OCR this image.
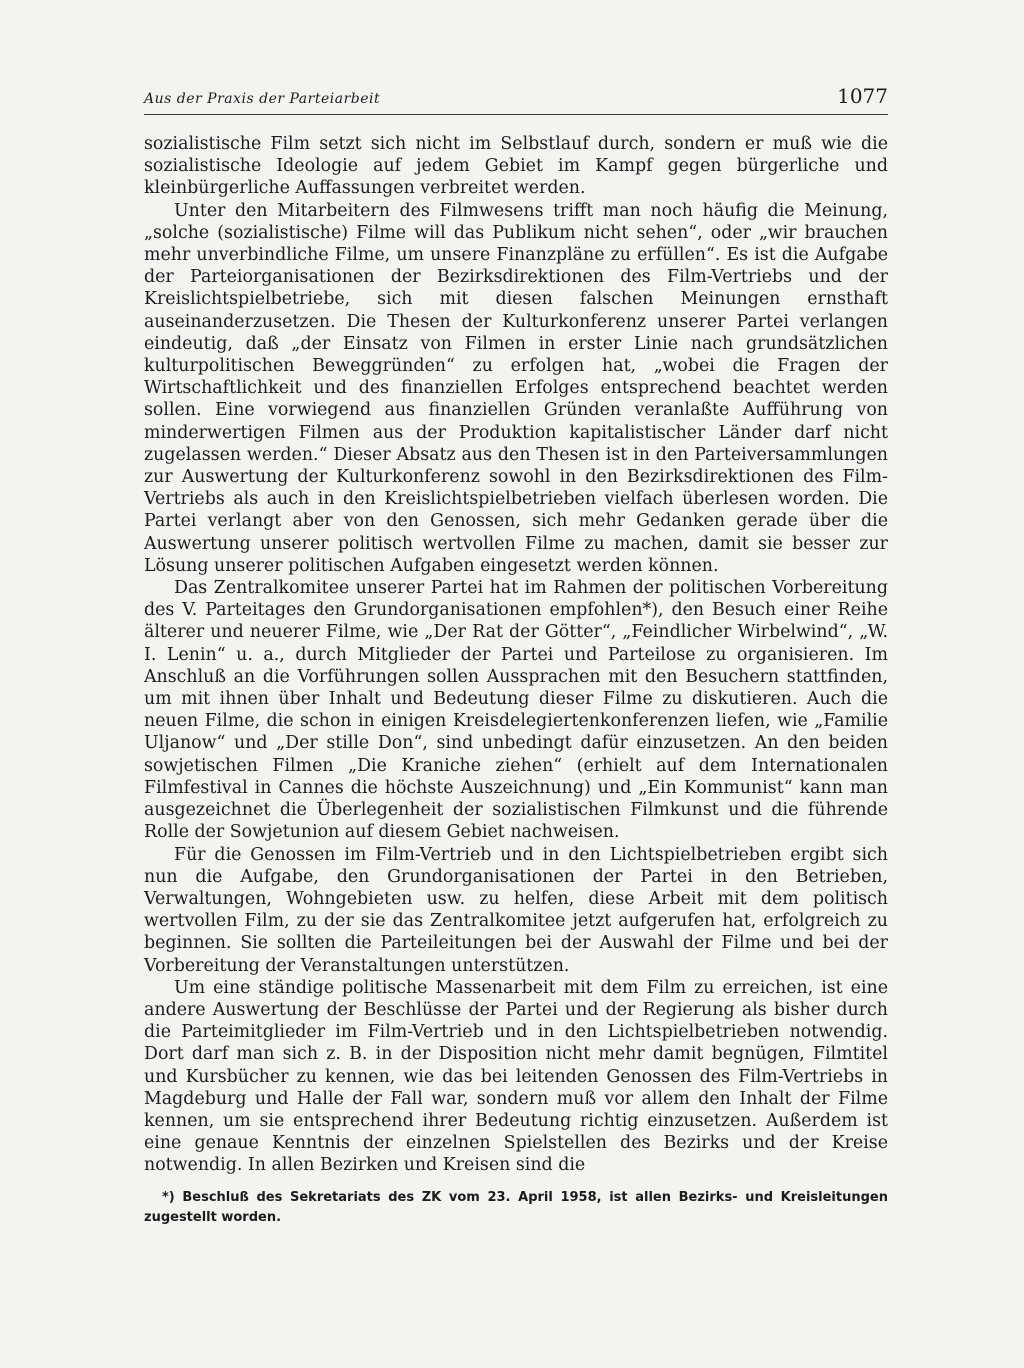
Aus der Praxis der Parteiarbeit	1077

sozialistische Film setzt sich nicht im Selbstlauf durch, sondern er muß wie die sozialistische Ideologie auf jedem Gebiet im Kampf gegen bürgerliche und kleinbürgerliche Auffassungen verbreitet werden.

Unter den Mitarbeitern des Filmwesens trifft man noch häufig die Meinung, „solche (sozialistische) Filme will das Publikum nicht sehen“, oder „wir brauchen mehr unverbindliche Filme, um unsere Finanzpläne zu erfüllen“. Es ist die Aufgabe der Parteiorganisationen der Bezirksdirektionen des Film-Vertriebs und der Kreislichtspielbetriebe, sich mit diesen falschen Meinungen ernsthaft auseinanderzusetzen. Die Thesen der Kulturkonferenz unserer Partei verlangen eindeutig, daß „der Einsatz von Filmen in erster Linie nach grundsätzlichen kulturpolitischen Beweggründen“ zu erfolgen hat, „wobei die Fragen der Wirtschaftlichkeit und des finanziellen Erfolges entsprechend beachtet werden sollen. Eine vorwiegend aus finanziellen Gründen veranlaßte Aufführung von minderwertigen Filmen aus der Produktion kapitalistischer Länder darf nicht zugelassen werden.“ Dieser Absatz aus den Thesen ist in den Parteiversammlungen zur Auswertung der Kulturkonferenz sowohl in den Bezirksdirektionen des Film-Vertriebs als auch in den Kreislichtspielbetrieben vielfach überlesen worden. Die Partei verlangt aber von den Genossen, sich mehr Gedanken gerade über die Auswertung unserer politisch wertvollen Filme zu machen, damit sie besser zur Lösung unserer politischen Aufgaben eingesetzt werden können.

Das Zentralkomitee unserer Partei hat im Rahmen der politischen Vorbereitung des V. Parteitages den Grundorganisationen empfohlen*), den Besuch einer Reihe älterer und neuerer Filme, wie „Der Rat der Götter“, „Feindlicher Wirbelwind“, „W. I. Lenin“ u. a., durch Mitglieder der Partei und Parteilose zu organisieren. Im Anschluß an die Vorführungen sollen Aussprachen mit den Besuchern stattfinden, um mit ihnen über Inhalt und Bedeutung dieser Filme zu diskutieren. Auch die neuen Filme, die schon in einigen Kreisdelegiertenkonferenzen liefen, wie „Familie Uljanow“ und „Der stille Don“, sind unbedingt dafür einzusetzen. An den beiden sowjetischen Filmen „Die Kraniche ziehen“ (erhielt auf dem Internationalen Filmfestival in Cannes die höchste Auszeichnung) und „Ein Kommunist“ kann man ausgezeichnet die Überlegenheit der sozialistischen Filmkunst und die führende Rolle der Sowjetunion auf diesem Gebiet nachweisen.

Für die Genossen im Film-Vertrieb und in den Lichtspielbetrieben ergibt sich nun die Aufgabe, den Grundorganisationen der Partei in den Betrieben, Verwaltungen, Wohngebieten usw. zu helfen, diese Arbeit mit dem politisch wertvollen Film, zu der sie das Zentralkomitee jetzt aufgerufen hat, erfolgreich zu beginnen. Sie sollten die Parteileitungen bei der Auswahl der Filme und bei der Vorbereitung der Veranstaltungen unterstützen.

Um eine ständige politische Massenarbeit mit dem Film zu erreichen, ist eine andere Auswertung der Beschlüsse der Partei und der Regierung als bisher durch die Parteimitglieder im Film-Vertrieb und in den Lichtspielbetrieben notwendig. Dort darf man sich z. B. in der Disposition nicht mehr damit begnügen, Filmtitel und Kursbücher zu kennen, wie das bei leitenden Genossen des Film-Vertriebs in Magdeburg und Halle der Fall war, sondern muß vor allem den Inhalt der Filme kennen, um sie entsprechend ihrer Bedeutung richtig einzusetzen. Außerdem ist eine genaue Kenntnis der einzelnen Spielstellen des Bezirks und der Kreise notwendig. In allen Bezirken und Kreisen sind die

*) Beschluß des Sekretariats des ZK vom 23. April 1958, ist allen Bezirks- und Kreisleitungen zugestellt worden.
